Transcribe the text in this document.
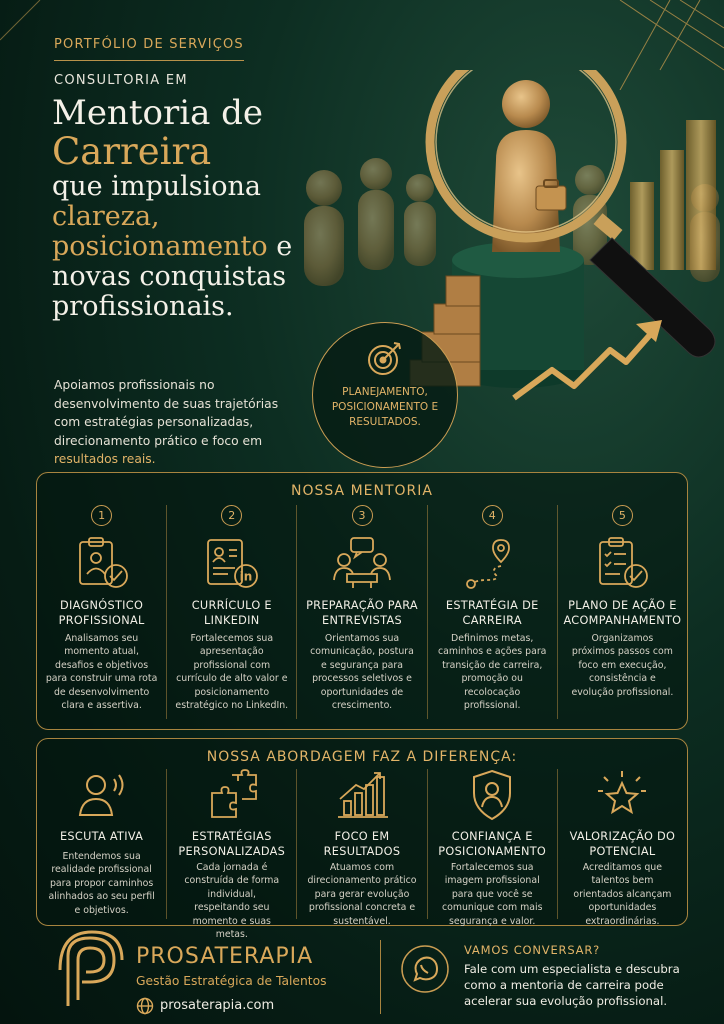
PORTFÓLIO DE SERVIÇOS
CONSULTORIA EM
Mentoria de
Carreira
que impulsiona
clareza,
posicionamento e
novas conquistas
profissionais.
Apoiamos profissionais no desenvolvimento de suas trajetórias com estratégias personalizadas, direcionamento prático e foco em resultados reais.
PLANEJAMENTO, POSICIONAMENTO E RESULTADOS.
NOSSA MENTORIA
1
DIAGNÓSTICO PROFISSIONAL
Analisamos seu momento atual, desafios e objetivos para construir uma rota de desenvolvimento clara e assertiva.
2
in
CURRÍCULO E LINKEDIN
Fortalecemos sua apresentação profissional com currículo de alto valor e posicionamento estratégico no LinkedIn.
3
PREPARAÇÃO PARA ENTREVISTAS
Orientamos sua comunicação, postura e segurança para processos seletivos e oportunidades de crescimento.
4
ESTRATÉGIA DE CARREIRA
Definimos metas, caminhos e ações para transição de carreira, promoção ou recolocação profissional.
5
PLANO DE AÇÃO E ACOMPANHAMENTO
Organizamos próximos passos com foco em execução, consistência e evolução profissional.
NOSSA ABORDAGEM FAZ A DIFERENÇA:
ESCUTA ATIVA
Entendemos sua realidade profissional para propor caminhos alinhados ao seu perfil e objetivos.
ESTRATÉGIAS PERSONALIZADAS
Cada jornada é construída de forma individual, respeitando seu momento e suas metas.
FOCO EM RESULTADOS
Atuamos com direcionamento prático para gerar evolução profissional concreta e sustentável.
CONFIANÇA E POSICIONAMENTO
Fortalecemos sua imagem profissional para que você se comunique com mais segurança e valor.
VALORIZAÇÃO DO POTENCIAL
Acreditamos que talentos bem orientados alcançam oportunidades extraordinárias.
PROSATERAPIA
Gestão Estratégica de Talentos
prosaterapia.com
VAMOS CONVERSAR?
Fale com um especialista e descubra como a mentoria de carreira pode acelerar sua evolução profissional.
